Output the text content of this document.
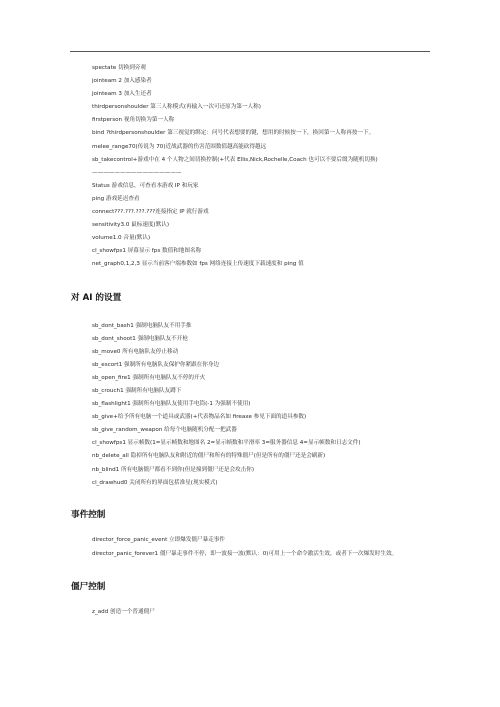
spectate 切换到旁观
jointeam 2 加入感染者
jointeam 3 加入生还者
thirdpersonshoulder 第三人称模式(再输入一次可还原为第一人称)
firstperson 视角切换为第一人称
bind ?thirdpersonshoulder 第三视觉的绑定：问号代表想要的键，想用的时候按一下，换回第一人称再按一下。
melee_range70(传说为 70)近战武器的伤害范围数值越高能砍得越远
sb_takecontrol+游戏中在 4 个人物之间切换控制(+代表 Ellis,Nick,Rochelle,Coach 也可以不要后缀为随机切换)
————————————————
Status 游戏信息，可查看本游戏 IP 和玩家
ping 游戏延迟查看
connect???.???.???.???连接指定 IP 就行游戏
sensitivity3.0 鼠标速度(默认)
volume1.0 音量(默认)
cl_showfps1 屏幕显示 fps 数值和地图名称
net_graph0,1,2,3 显示当前客户端参数如 fps 网络连接上传速度下载速度和 ping 值
对 AI 的设置
sb_dont_bash1 强制电脑队友不用手推
sb_dont_shoot1 强制电脑队友不开枪
sb_move0 所有电脑队友停止移动
sb_escort1 强制所有电脑队友保护你紧跟在你身边
sb_open_fire1 强制所有电脑队友不停的开火
sb_crouch1 强制所有电脑队友蹲下
sb_flashlight1 强制所有电脑队友使用手电筒(-1 为强制不使用)
sb_give+给予所有电脑一个道具或武器(+代表物品名如 fireaxe 参见下面的道具参数)
sb_give_random_weapon 给每个电脑随机分配一把武器
cl_showfps1 显示帧数(1=显示帧数和地图名 2=显示帧数和平滑率 3=服务器信息 4=显示帧数和日志文件)
nb_delete_all 隐掉所有电脑队友和附近的僵尸和所有的特殊僵尸(但是所有的僵尸还是会刷新)
nb_blind1 所有电脑僵尸都看不到你(但是撞到僵尸还是会攻击你)
cl_drawhud0 关闭所有的界面包括准星(现实模式)
事件控制
director_force_panic_event 立即爆发僵尸暴走事件
director_panic_forever1 僵尸暴走事件不停，即一波接一波(默认：0)可用上一个命令激活生效，或者下一次爆发时生效。
僵尸控制
z_add 创造一个普通僵尸
